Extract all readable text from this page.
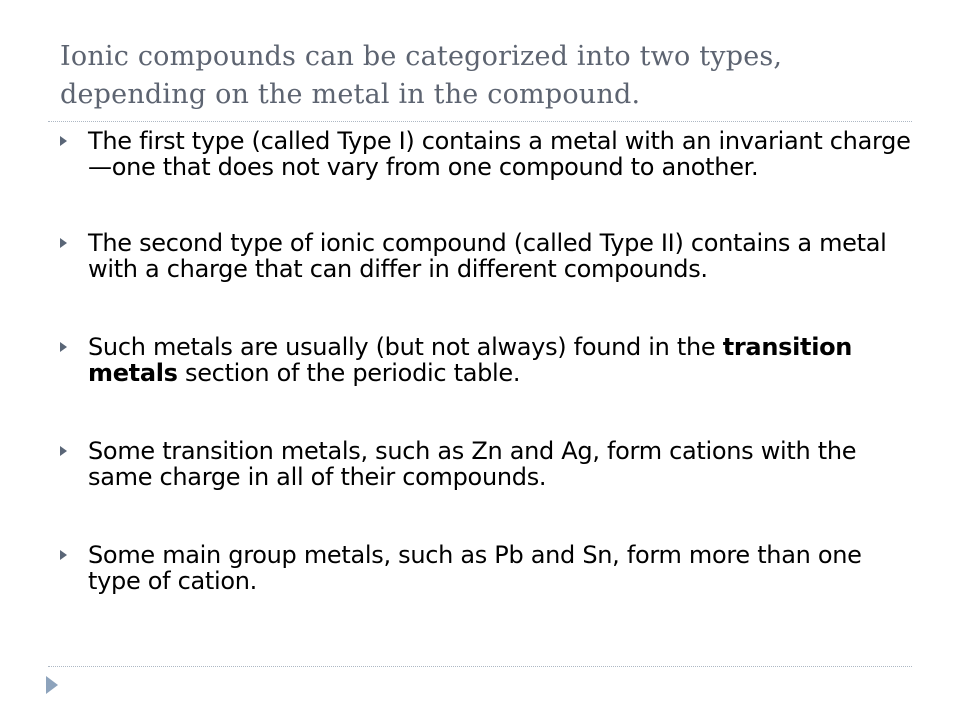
Ionic compounds can be categorized into two types, depending on the metal in the compound.
The first type (called Type I) contains a metal with an invariant charge—one that does not vary from one compound to another.
The second type of ionic compound (called Type II) contains a metal with a charge that can differ in different compounds.
Such metals are usually (but not always) found in the transition metals section of the periodic table.
Some transition metals, such as Zn and Ag, form cations with the same charge in all of their compounds.
Some main group metals, such as Pb and Sn, form more than one type of cation.
